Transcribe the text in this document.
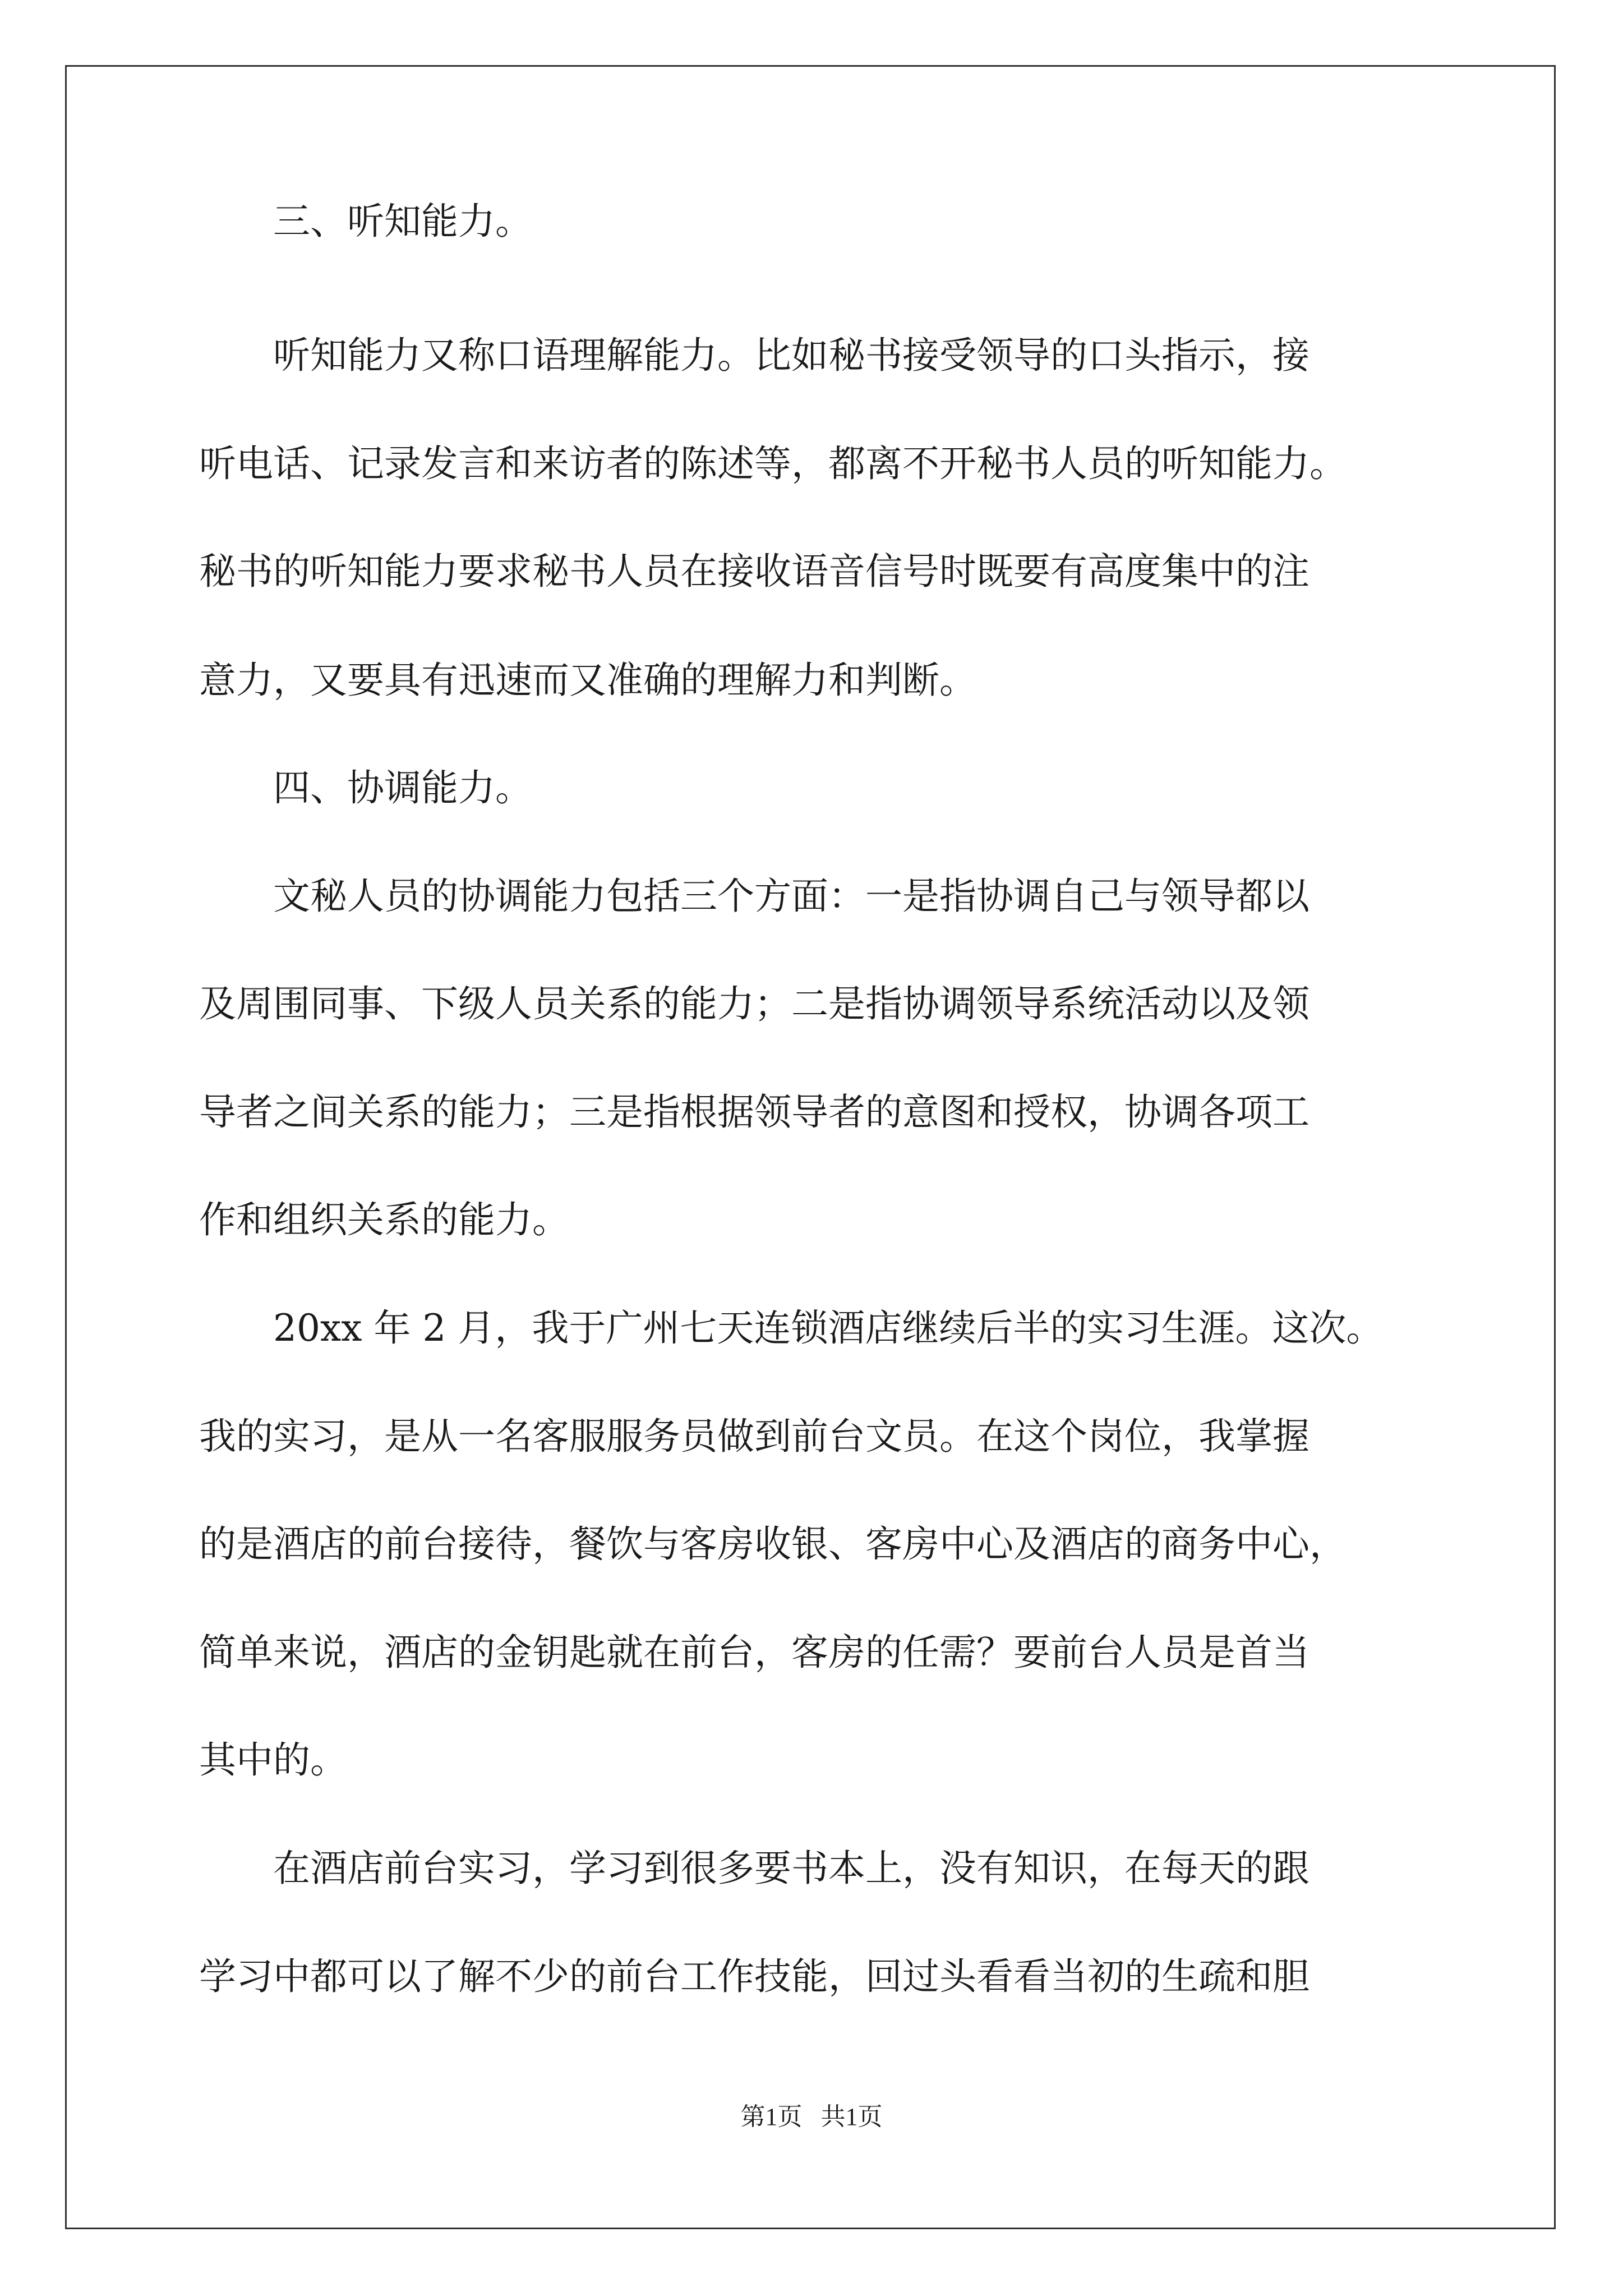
　　三、听知能力。
　　听知能力又称口语理解能力。比如秘书接受领导的口头指示，接
听电话、记录发言和来访者的陈述等，都离不开秘书人员的听知能力。
秘书的听知能力要求秘书人员在接收语音信号时既要有高度集中的注
意力，又要具有迅速而又准确的理解力和判断。
　　四、协调能力。
　　文秘人员的协调能力包括三个方面：一是指协调自己与领导都以
及周围同事、下级人员关系的能力；二是指协调领导系统活动以及领
导者之间关系的能力；三是指根据领导者的意图和授权，协调各项工
作和组织关系的能力。
　　20xx 年 2 月，我于广州七天连锁酒店继续后半的实习生涯。这次。
我的实习，是从一名客服服务员做到前台文员。在这个岗位，我掌握
的是酒店的前台接待，餐饮与客房收银、客房中心及酒店的商务中心，
简单来说，酒店的金钥匙就在前台，客房的任需？要前台人员是首当
其中的。
　　在酒店前台实习，学习到很多要书本上，没有知识，在每天的跟
学习中都可以了解不少的前台工作技能，回过头看看当初的生疏和胆
第1页   共1页
